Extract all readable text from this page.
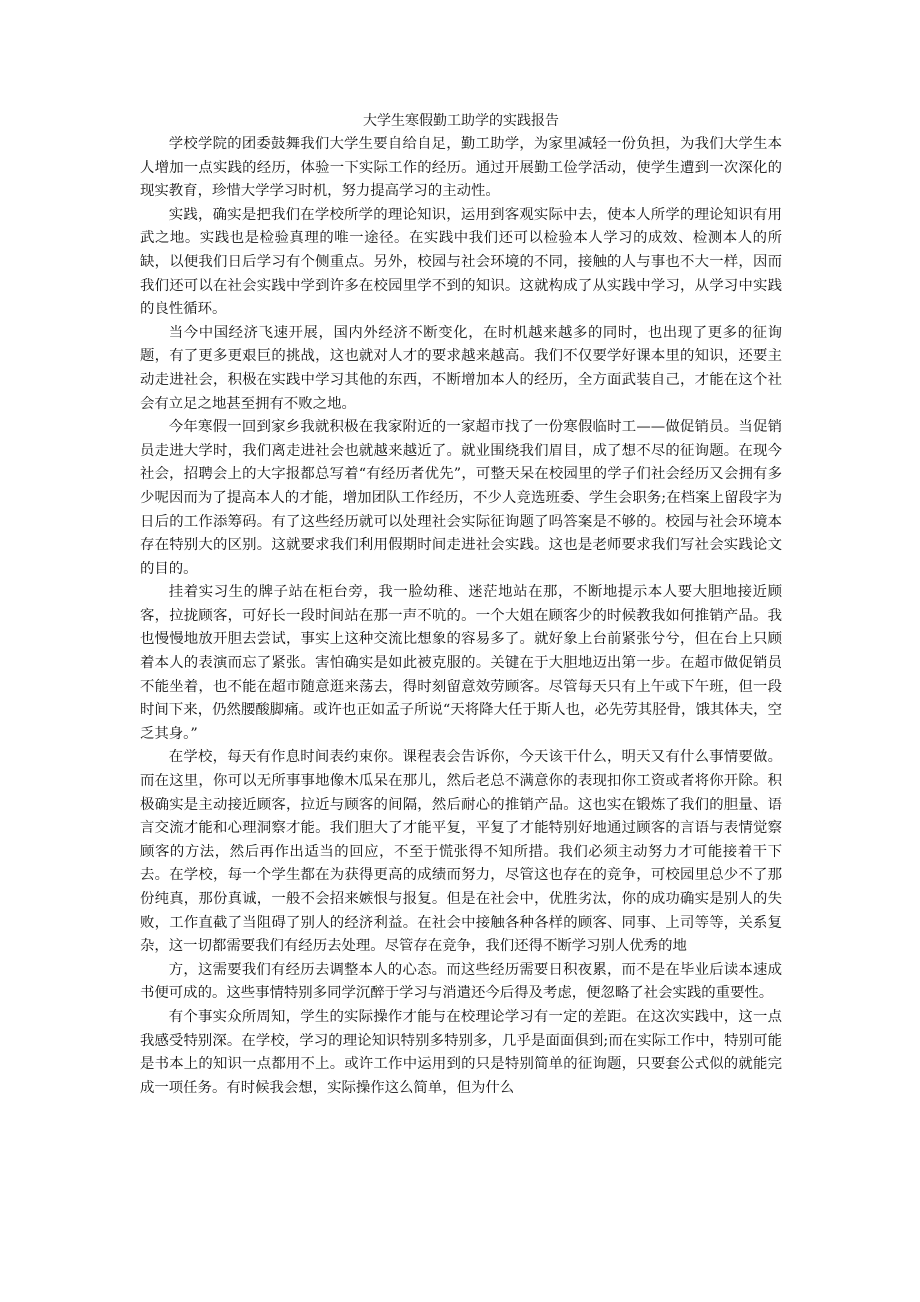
大学生寒假勤工助学的实践报告

学校学院的团委鼓舞我们大学生要自给自足，勤工助学，为家里减轻一份负担，为我们大学生本人增加一点实践的经历，体验一下实际工作的经历。通过开展勤工俭学活动，使学生遭到一次深化的现实教育，珍惜大学学习时机，努力提高学习的主动性。

实践，确实是把我们在学校所学的理论知识，运用到客观实际中去，使本人所学的理论知识有用武之地。实践也是检验真理的唯一途径。在实践中我们还可以检验本人学习的成效、检测本人的所缺，以便我们日后学习有个侧重点。另外，校园与社会环境的不同，接触的人与事也不大一样，因而我们还可以在社会实践中学到许多在校园里学不到的知识。这就构成了从实践中学习，从学习中实践的良性循环。

当今中国经济飞速开展，国内外经济不断变化，在时机越来越多的同时，也出现了更多的征询题，有了更多更艰巨的挑战，这也就对人才的要求越来越高。我们不仅要学好课本里的知识，还要主动走进社会，积极在实践中学习其他的东西，不断增加本人的经历，全方面武装自己，才能在这个社会有立足之地甚至拥有不败之地。

今年寒假一回到家乡我就积极在我家附近的一家超市找了一份寒假临时工——做促销员。当促销员走进大学时，我们离走进社会也就越来越近了。就业围绕我们眉目，成了想不尽的征询题。在现今社会，招聘会上的大字报都总写着“有经历者优先”，可整天呆在校园里的学子们社会经历又会拥有多少呢因而为了提高本人的才能，增加团队工作经历，不少人竞选班委、学生会职务;在档案上留段字为日后的工作添筹码。有了这些经历就可以处理社会实际征询题了吗答案是不够的。校园与社会环境本存在特别大的区别。这就要求我们利用假期时间走进社会实践。这也是老师要求我们写社会实践论文的目的。

挂着实习生的牌子站在柜台旁，我一脸幼稚、迷茫地站在那，不断地提示本人要大胆地接近顾客，拉拢顾客，可好长一段时间站在那一声不吭的。一个大姐在顾客少的时候教我如何推销产品。我也慢慢地放开胆去尝试，事实上这种交流比想象的容易多了。就好象上台前紧张兮兮，但在台上只顾着本人的表演而忘了紧张。害怕确实是如此被克服的。关键在于大胆地迈出第一步。在超市做促销员不能坐着，也不能在超市随意逛来荡去，得时刻留意效劳顾客。尽管每天只有上午或下午班，但一段时间下来，仍然腰酸脚痛。或许也正如孟子所说“天将降大任于斯人也，必先劳其胫骨，饿其体夫，空乏其身。”

在学校，每天有作息时间表约束你。课程表会告诉你，今天该干什么，明天又有什么事情要做。而在这里，你可以无所事事地像木瓜呆在那儿，然后老总不满意你的表现扣你工资或者将你开除。积极确实是主动接近顾客，拉近与顾客的间隔，然后耐心的推销产品。这也实在锻炼了我们的胆量、语言交流才能和心理洞察才能。我们胆大了才能平复，平复了才能特别好地通过顾客的言语与表情觉察顾客的方法，然后再作出适当的回应，不至于慌张得不知所措。我们必须主动努力才可能接着干下去。在学校，每一个学生都在为获得更高的成绩而努力，尽管这也存在的竞争，可校园里总少不了那份纯真，那份真诚，一般不会招来嫉恨与报复。但是在社会中，优胜劣汰，你的成功确实是别人的失败，工作直截了当阻碍了别人的经济利益。在社会中接触各种各样的顾客、同事、上司等等，关系复杂，这一切都需要我们有经历去处理。尽管存在竞争，我们还得不断学习别人优秀的地

方，这需要我们有经历去调整本人的心态。而这些经历需要日积夜累，而不是在毕业后读本速成书便可成的。这些事情特别多同学沉醉于学习与消遣还今后得及考虑，便忽略了社会实践的重要性。

有个事实众所周知，学生的实际操作才能与在校理论学习有一定的差距。在这次实践中，这一点我感受特别深。在学校，学习的理论知识特别多特别多，几乎是面面俱到;而在实际工作中，特别可能是书本上的知识一点都用不上。或许工作中运用到的只是特别简单的征询题，只要套公式似的就能完成一项任务。有时候我会想，实际操作这么简单，但为什么
